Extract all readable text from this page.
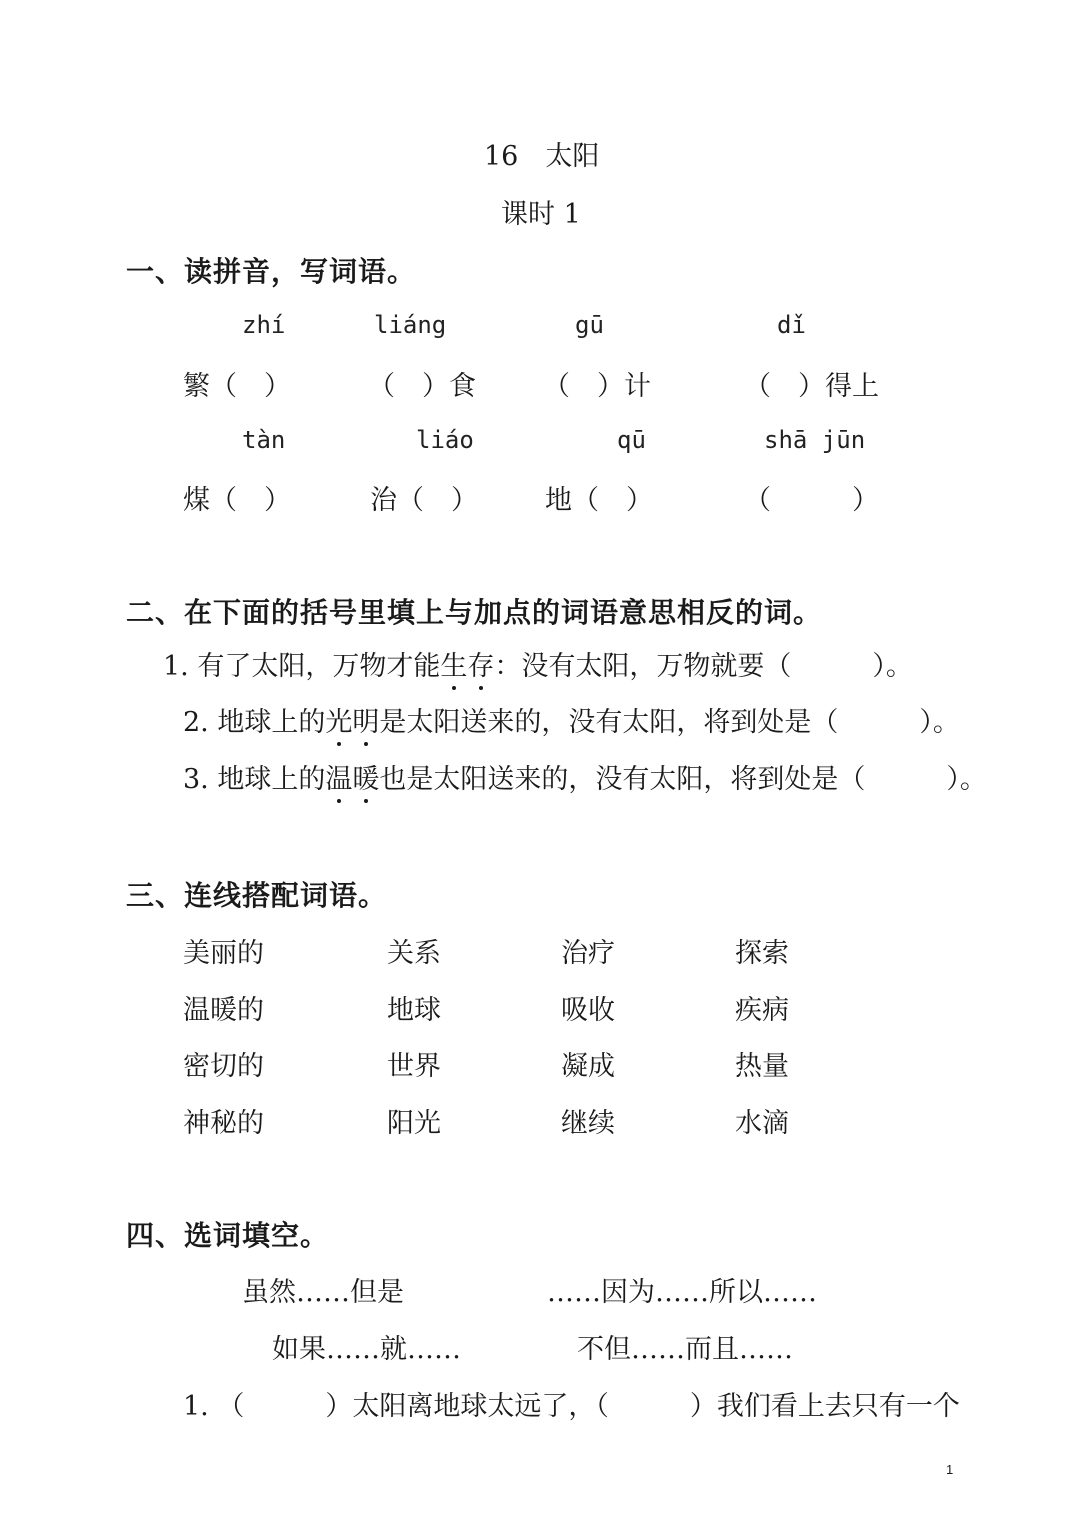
16　太阳
课时 1
一、读拼音，写词语。
zhí	liáng	gū	dǐ
繁（　）	（　）食 （　）计	（　）得上
tàn	liáo	qū	shā jūn
煤（　）	治（　） 地（　）	（　　　）
二、在下面的括号里填上与加点的词语意思相反的词。
1. 有了太阳，万物才能生存：没有太阳，万物就要（　　　）。
2. 地球上的光明是太阳送来的，没有太阳，将到处是（　　　）。
3. 地球上的温暖也是太阳送来的，没有太阳，将到处是（　　　）。
三、连线搭配词语。
美丽的	关系	治疗	探索
温暖的	地球	吸收	疾病
密切的	世界	凝成	热量
神秘的	阳光	继续	水滴
四、选词填空。
虽然……但是	……因为……所以……
如果……就……	不但……而且……
1. （　　　）太阳离地球太远了，（　　　）我们看上去只有一个
1
